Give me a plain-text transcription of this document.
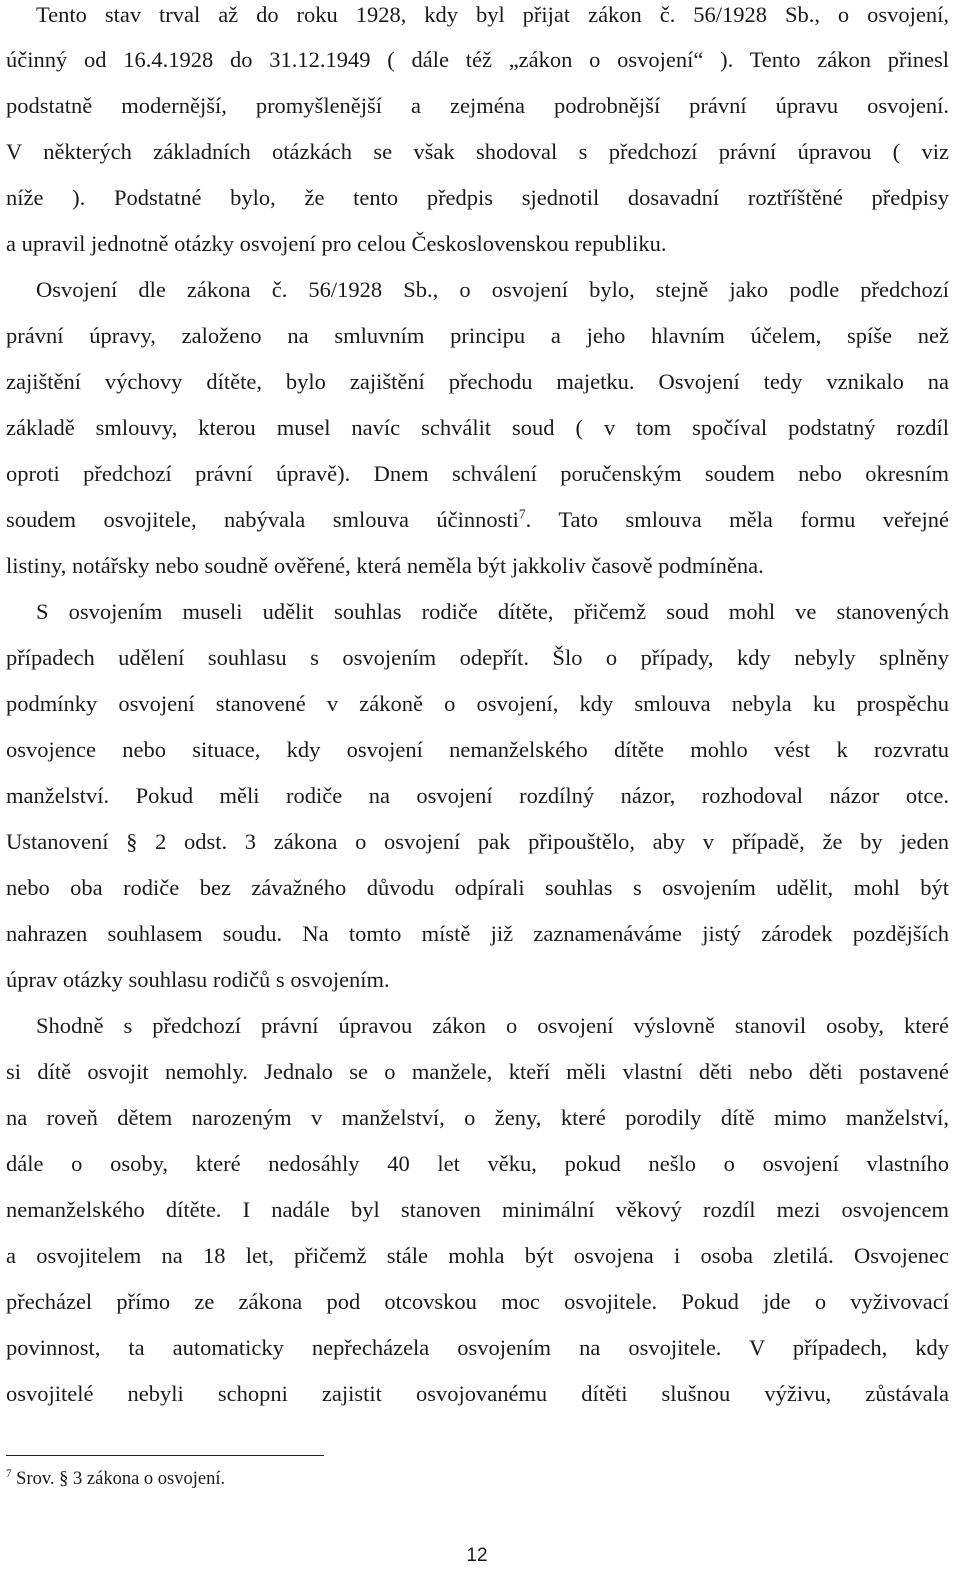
Tento stav trval až do roku 1928, kdy byl přijat zákon č. 56/1928 Sb., o osvojení,
účinný od 16.4.1928 do 31.12.1949 ( dále též „zákon o osvojení“ ). Tento zákon přinesl
podstatně modernější, promyšlenější a zejména podrobnější právní úpravu osvojení.
V některých základních otázkách se však shodoval s předchozí právní úpravou ( viz
níže ). Podstatné bylo, že tento předpis sjednotil dosavadní roztříštěné předpisy
a upravil jednotně otázky osvojení pro celou Československou republiku.
Osvojení dle zákona č. 56/1928 Sb., o osvojení bylo, stejně jako podle předchozí
právní úpravy, založeno na smluvním principu a jeho hlavním účelem, spíše než
zajištění výchovy dítěte, bylo zajištění přechodu majetku. Osvojení tedy vznikalo na
základě smlouvy, kterou musel navíc schválit soud ( v tom spočíval podstatný rozdíl
oproti předchozí právní úpravě). Dnem schválení poručenským soudem nebo okresním
soudem osvojitele, nabývala smlouva účinnosti$^7$. Tato smlouva měla formu veřejné
listiny, notářsky nebo soudně ověřené, která neměla být jakkoliv časově podmíněna.
S osvojením museli udělit souhlas rodiče dítěte, přičemž soud mohl ve stanovených
případech udělení souhlasu s osvojením odepřít. Šlo o případy, kdy nebyly splněny
podmínky osvojení stanovené v zákoně o osvojení, kdy smlouva nebyla ku prospěchu
osvojence nebo situace, kdy osvojení nemanželského dítěte mohlo vést k rozvratu
manželství. Pokud měli rodiče na osvojení rozdílný názor, rozhodoval názor otce.
Ustanovení § 2 odst. 3 zákona o osvojení pak připouštělo, aby v případě, že by jeden
nebo oba rodiče bez závažného důvodu odpírali souhlas s osvojením udělit, mohl být
nahrazen souhlasem soudu. Na tomto místě již zaznamenáváme jistý zárodek pozdějších
úprav otázky souhlasu rodičů s osvojením.
Shodně s předchozí právní úpravou zákon o osvojení výslovně stanovil osoby, které
si dítě osvojit nemohly. Jednalo se o manžele, kteří měli vlastní děti nebo děti postavené
na roveň dětem narozeným v manželství, o ženy, které porodily dítě mimo manželství,
dále o osoby, které nedosáhly 40 let věku, pokud nešlo o osvojení vlastního
nemanželského dítěte. I nadále byl stanoven minimální věkový rozdíl mezi osvojencem
a osvojitelem na 18 let, přičemž stále mohla být osvojena i osoba zletilá. Osvojenec
přecházel přímo ze zákona pod otcovskou moc osvojitele. Pokud jde o vyživovací
povinnost, ta automaticky nepřecházela osvojením na osvojitele. V případech, kdy
osvojitelé nebyli schopni zajistit osvojovanému dítěti slušnou výživu, zůstávala
$^7$ Srov. § 3 zákona o osvojení.
12
